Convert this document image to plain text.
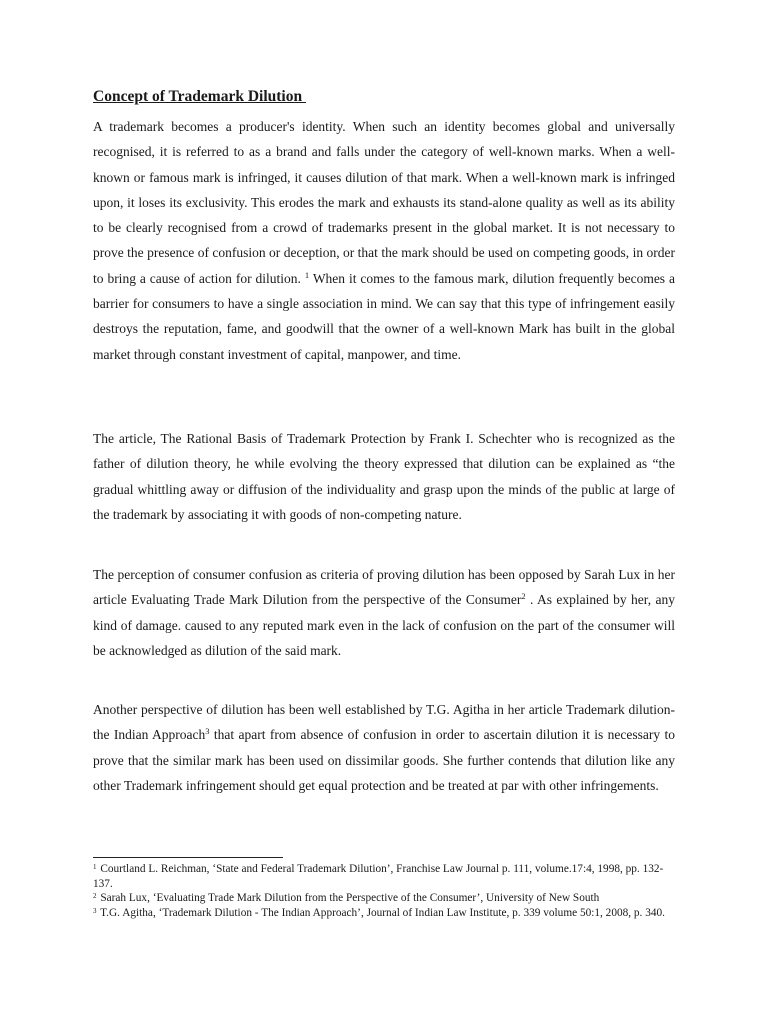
Concept of Trademark Dilution

A trademark becomes a producer's identity. When such an identity becomes global and universally recognised, it is referred to as a brand and falls under the category of well-known marks. When a well-known or famous mark is infringed, it causes dilution of that mark. When a well-known mark is infringed upon, it loses its exclusivity. This erodes the mark and exhausts its stand-alone quality as well as its ability to be clearly recognised from a crowd of trademarks present in the global market. It is not necessary to prove the presence of confusion or deception, or that the mark should be used on competing goods, in order to bring a cause of action for dilution. $^1$ When it comes to the famous mark, dilution frequently becomes a barrier for consumers to have a single association in mind. We can say that this type of infringement easily destroys the reputation, fame, and goodwill that the owner of a well-known Mark has built in the global market through constant investment of capital, manpower, and time.

The article, The Rational Basis of Trademark Protection by Frank I. Schechter who is recognized as the father of dilution theory, he while evolving the theory expressed that dilution can be explained as “the gradual whittling away or diffusion of the individuality and grasp upon the minds of the public at large of the trademark by associating it with goods of non-competing nature.

The perception of consumer confusion as criteria of proving dilution has been opposed by Sarah Lux in her article Evaluating Trade Mark Dilution from the perspective of the Consumer$^2$ . As explained by her, any kind of damage. caused to any reputed mark even in the lack of confusion on the part of the consumer will be acknowledged as dilution of the said mark.

Another perspective of dilution has been well established by T.G. Agitha in her article Trademark dilution- the Indian Approach$^3$ that apart from absence of confusion in order to ascertain dilution it is necessary to prove that the similar mark has been used on dissimilar goods. She further contends that dilution like any other Trademark infringement should get equal protection and be treated at par with other infringements.

$^1$ Courtland L. Reichman, ‘State and Federal Trademark Dilution’, Franchise Law Journal p. 111, volume.17:4, 1998, pp. 132-137.

$^2$ Sarah Lux, ‘Evaluating Trade Mark Dilution from the Perspective of the Consumer’, University of New South

$^3$ T.G. Agitha, ‘Trademark Dilution - The Indian Approach’, Journal of Indian Law Institute, p. 339 volume 50:1, 2008, p. 340.
